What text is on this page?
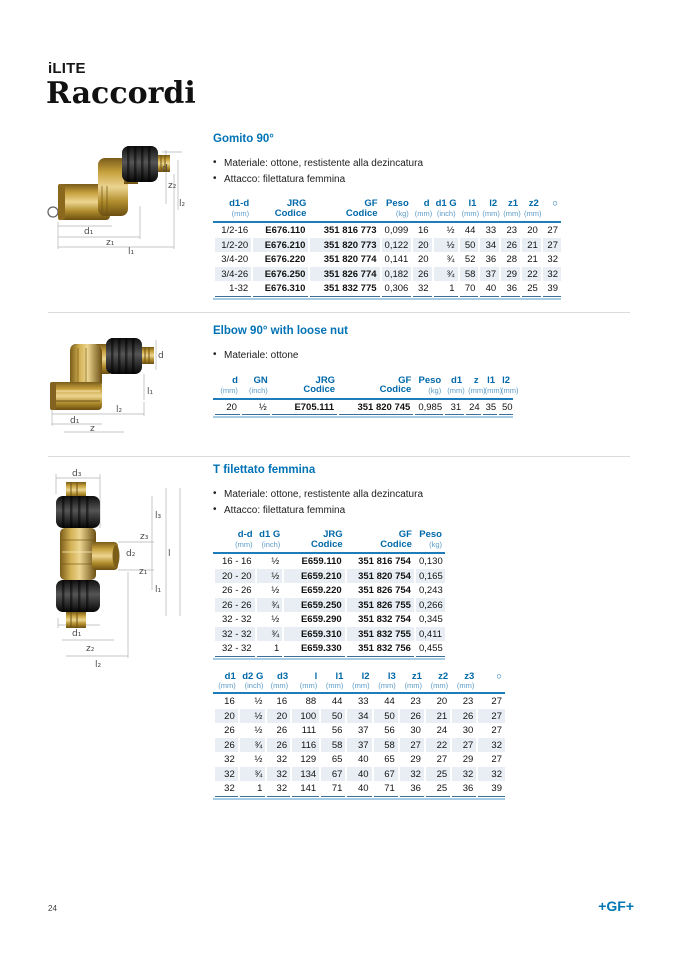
iLITE
Raccordi
d
z₂
l₂
d₁
z₁
l₁
Gomito 90°
• Materiale: ottone, restistente alla dezincatura
• Attacco: filettatura femmina
d1-d	JRG	GF	Peso	d	d1 G	l1	l2	z1	z2	○
(mm)	Codice	Codice	(kg)	(mm)	(inch)	(mm)	(mm)	(mm)	(mm)	
1/2-16	E676.110	351 816 773	0,099	16	½	44	33	23	20	27
1/2-20	E676.210	351 820 773	0,122	20	½	50	34	26	21	27
3/4-20	E676.220	351 820 774	0,141	20	¾	52	36	28	21	32
3/4-26	E676.250	351 826 774	0,182	26	¾	58	37	29	22	32
1-32	E676.310	351 832 775	0,306	32	1	70	40	36	25	39
d
l₁
l₂
d₁
z
Elbow 90° with loose nut
• Materiale: ottone
d	GN	JRG	GF	Peso	d1	z	l1	l2
(mm)	(inch)	Codice	Codice	(kg)	(mm)	(mm)	(mm)	(mm)
20	½	E705.111	351 820 745	0,985	31	24	35	50
d₃
l₃
z₃
d₂	l
z₁
l₁
d₁
z₂
l₂
T filettato femmina
• Materiale: ottone, restistente alla dezincatura
• Attacco: filettatura femmina
d-d	d1 G	JRG	GF	Peso
(mm)	(inch)	Codice	Codice	(kg)
16 - 16	½	E659.110	351 816 754	0,130
20 - 20	½	E659.210	351 820 754	0,165
26 - 26	½	E659.220	351 826 754	0,243
26 - 26	¾	E659.250	351 826 755	0,266
32 - 32	½	E659.290	351 832 754	0,345
32 - 32	¾	E659.310	351 832 755	0,411
32 - 32	1	E659.330	351 832 756	0,455
d1	d2 G	d3	l	l1	l2	l3	z1	z2	z3	○
(mm)	(inch)	(mm)	(mm)	(mm)	(mm)	(mm)	(mm)	(mm)	(mm)	
16	½	16	88	44	33	44	23	20	23	27
20	½	20	100	50	34	50	26	21	26	27
26	½	26	111	56	37	56	30	24	30	27
26	¾	26	116	58	37	58	27	22	27	32
32	½	32	129	65	40	65	29	27	29	27
32	¾	32	134	67	40	67	32	25	32	32
32	1	32	141	71	40	71	36	25	36	39
24	+GF+
